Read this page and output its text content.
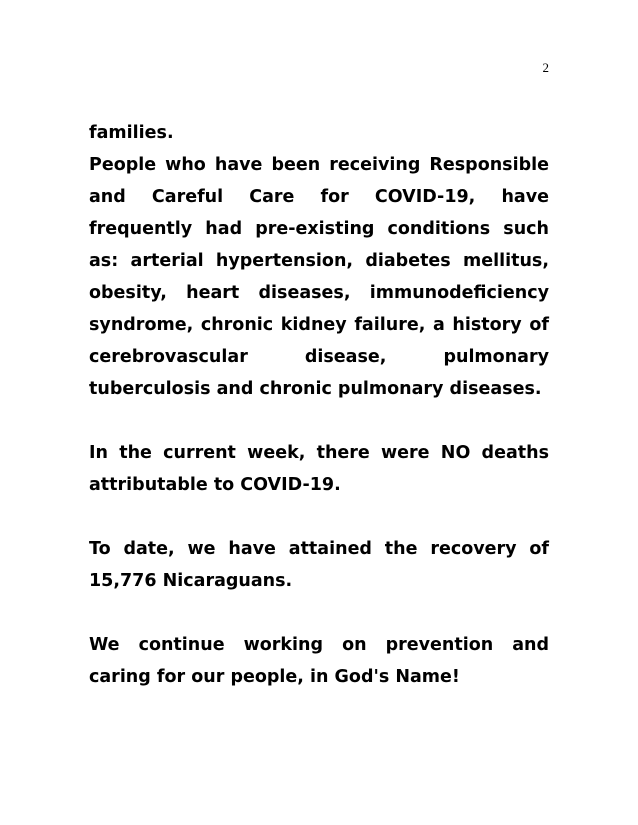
2

families.

People who have been receiving Responsible and Careful Care for COVID-19, have frequently had pre-existing conditions such as: arterial hypertension, diabetes mellitus, obesity, heart diseases, immunodeficiency syndrome, chronic kidney failure, a history of cerebrovascular disease, pulmonary tuberculosis and chronic pulmonary diseases.

In the current week, there were NO deaths attributable to COVID-19.

To date, we have attained the recovery of 15,776 Nicaraguans.

We continue working on prevention and caring for our people, in God's Name!
